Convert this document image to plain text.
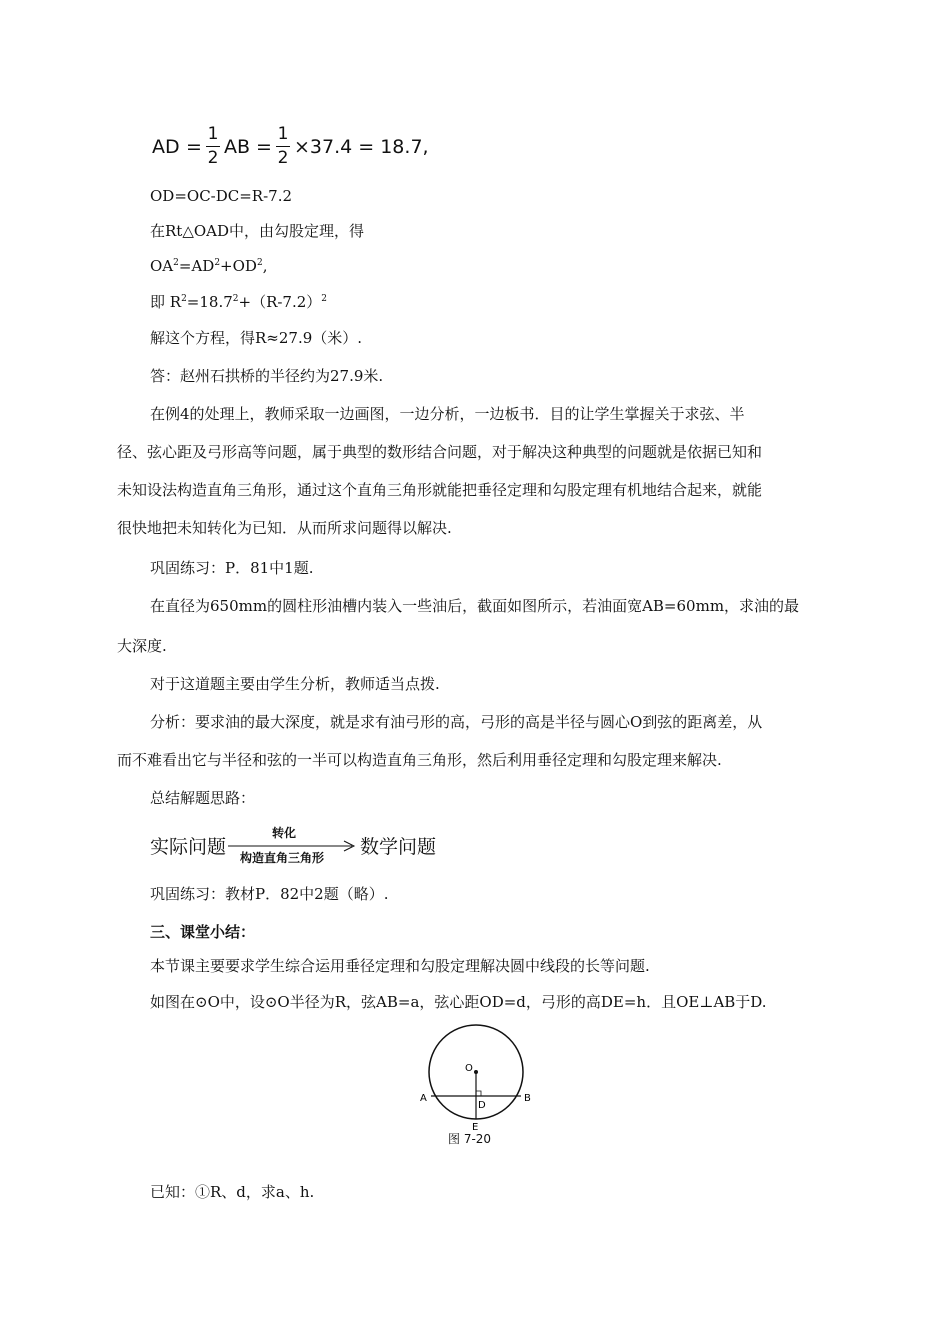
AD =
1
2 AB =
1
2 ×37.4 = 18.7,
OD=OC-DC=R-7.2
在Rt△OAD中，由勾股定理，得
$OA^2=AD^2+OD^2$,
即 $R^2=18.7^2+(R-7.2)^2$
解这个方程，得R≈27.9（米）.
答：赵州石拱桥的半径约为27.9米.
在例4的处理上，教师采取一边画图，一边分析，一边板书．目的让学生掌握关于求弦、半
径、弦心距及弓形高等问题，属于典型的数形结合问题，对于解决这种典型的问题就是依据已知和
未知设法构造直角三角形，通过这个直角三角形就能把垂径定理和勾股定理有机地结合起来，就能
很快地把未知转化为已知．从而所求问题得以解决.
巩固练习：P．81中1题.
在直径为650mm的圆柱形油槽内装入一些油后，截面如图所示，若油面宽AB=60mm，求油的最
大深度.
对于这道题主要由学生分析，教师适当点拨.
分析：要求油的最大深度，就是求有油弓形的高，弓形的高是半径与圆心O到弦的距离差，从
而不难看出它与半径和弦的一半可以构造直角三角形，然后利用垂径定理和勾股定理来解决.
总结解题思路：
实际问题
转化
构造直角三角形 数学问题
巩固练习：教材P．82中2题（略）.
三、课堂小结：
本节课主要要求学生综合运用垂径定理和勾股定理解决圆中线段的长等问题.
如图在⊙O中，设⊙O半径为R，弦AB=a，弦心距OD=d，弓形的高DE=h．且OE⊥AB于D.
O
A	B
D
E
图 7-20
已知：①R、d，求a、h.
